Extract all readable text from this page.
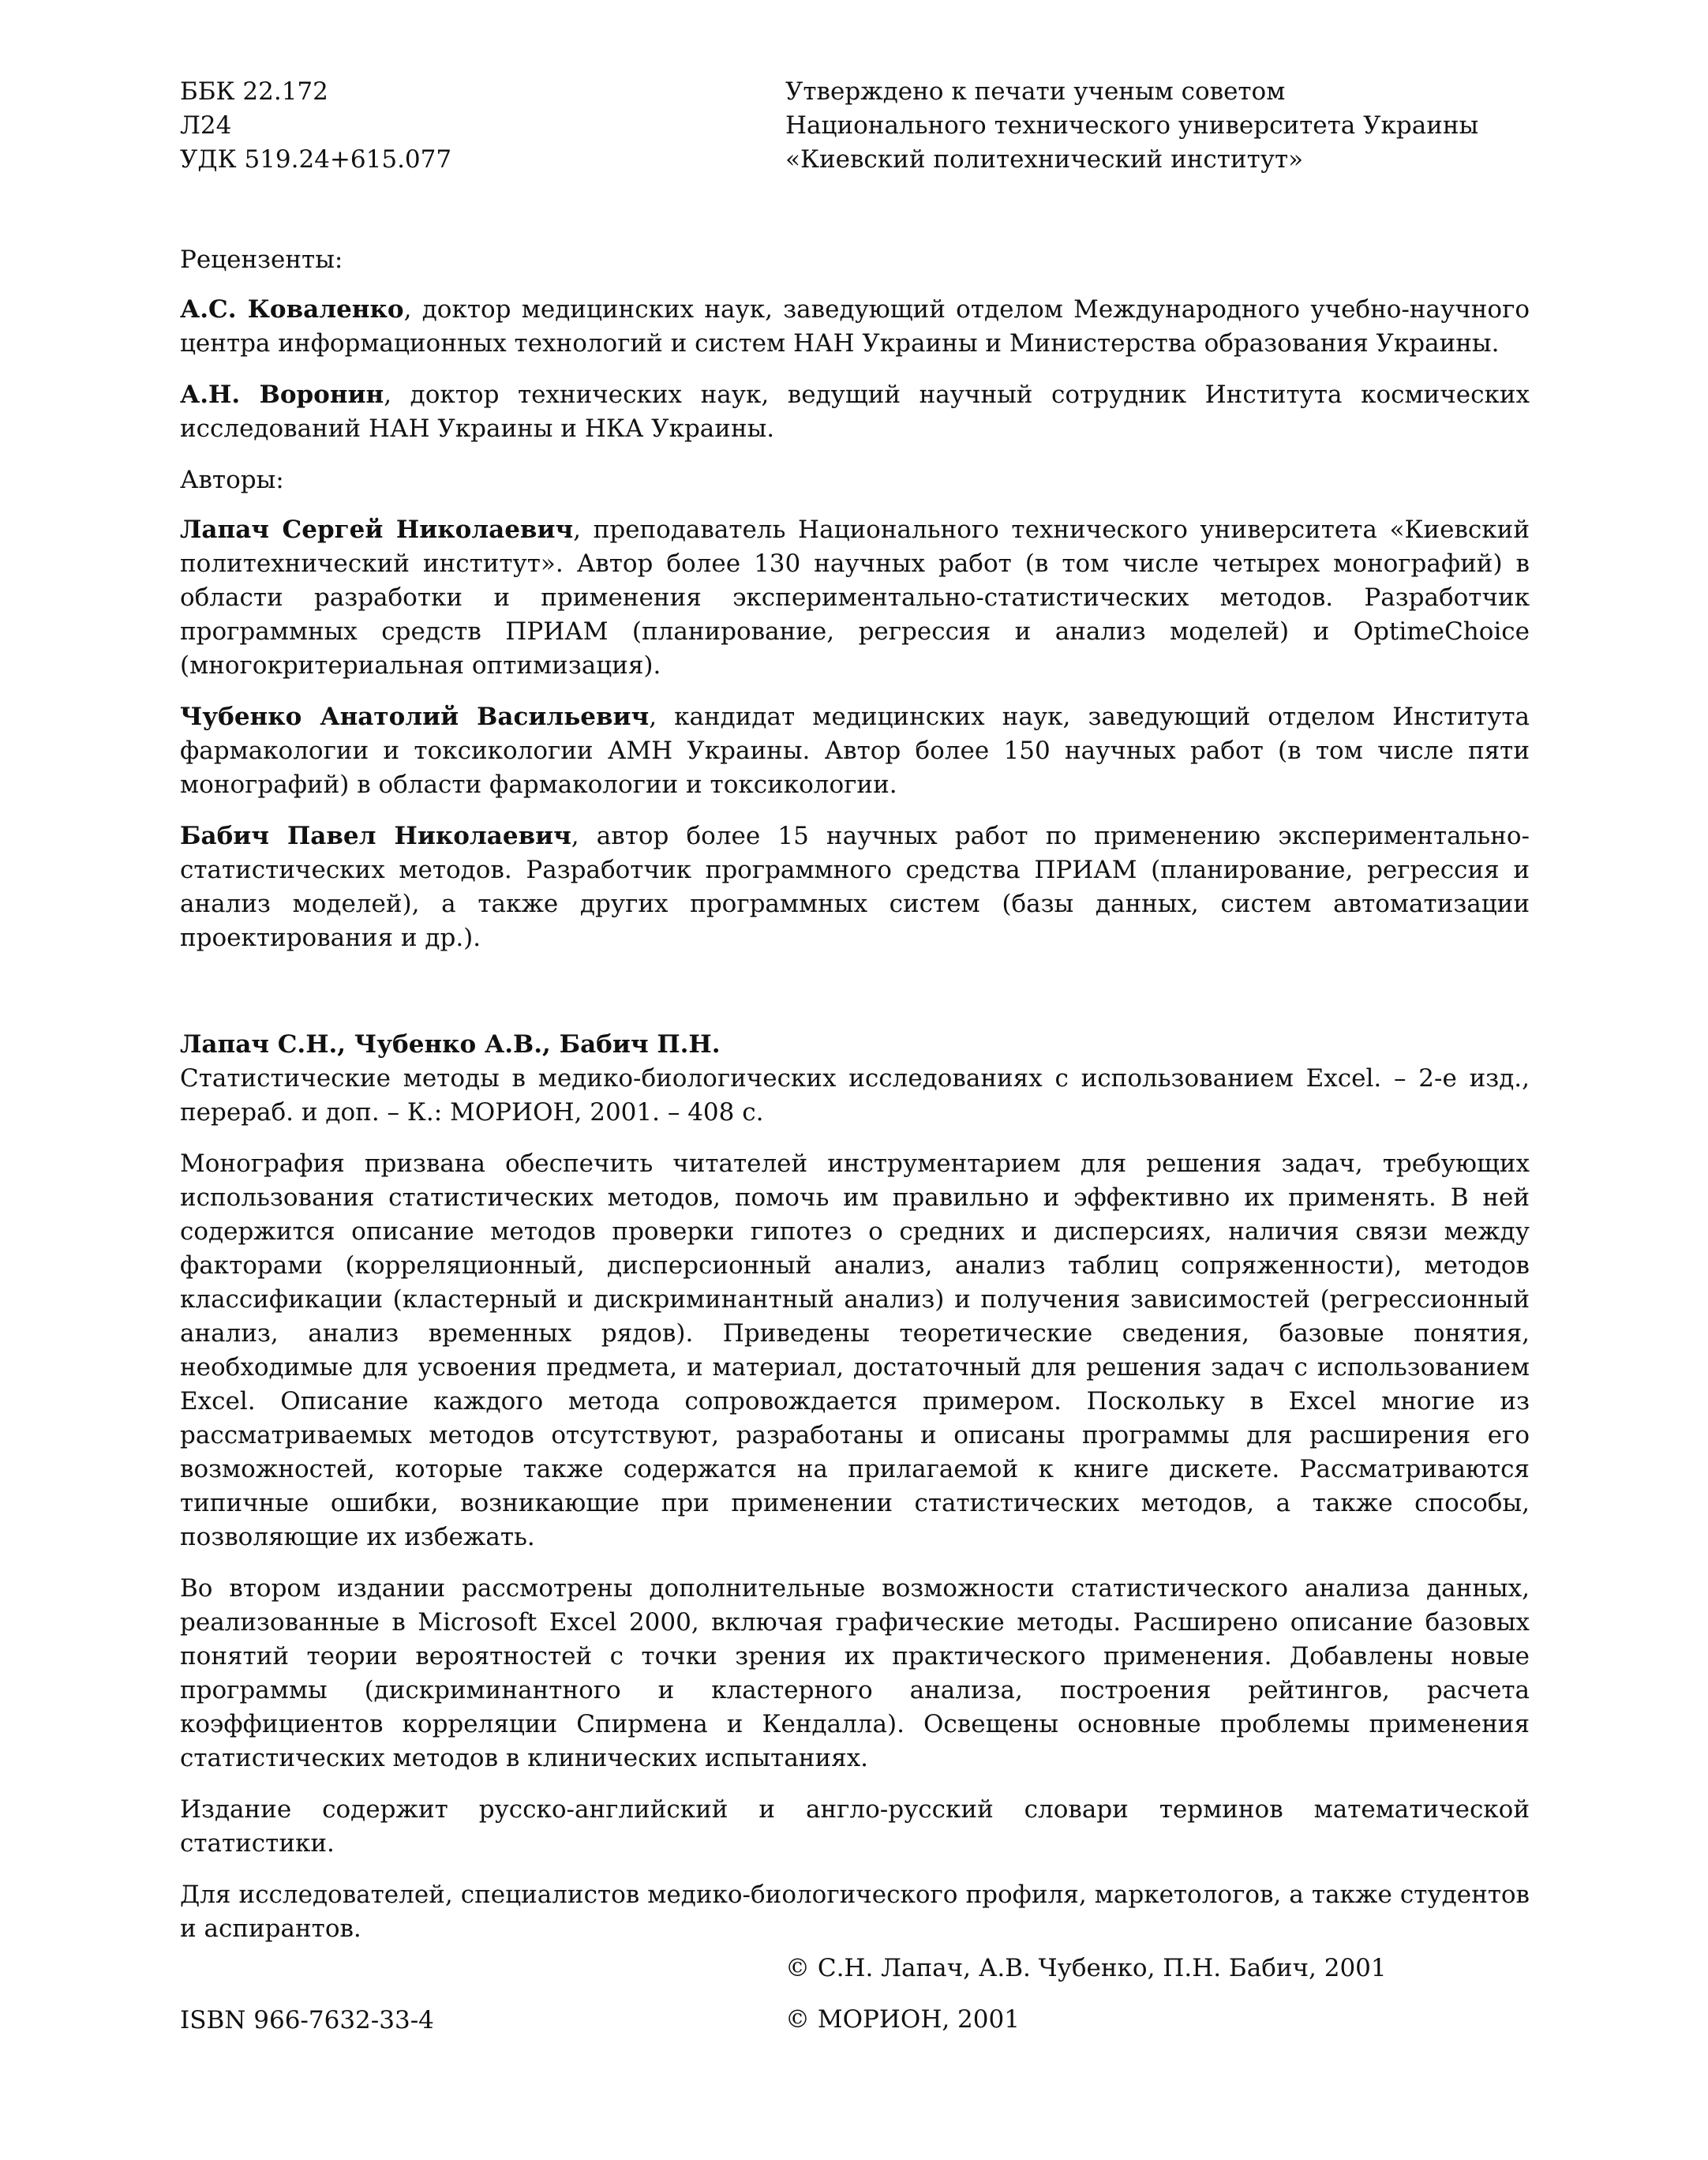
ББК 22.172
Л24
УДК 519.24+615.077
Утверждено к печати ученым советом
Национального технического университета Украины
«Киевский политехнический институт»

Рецензенты:

А.С. Коваленко, доктор медицинских наук, заведующий отделом Международного учебно-научного центра информационных технологий и систем НАН Украины и Министерства образования Украины.

А.Н. Воронин, доктор технических наук, ведущий научный сотрудник Института космических исследований НАН Украины и НКА Украины.

Авторы:

Лапач Сергей Николаевич, преподаватель Национального технического университета «Киевский политехнический институт». Автор более 130 научных работ (в том числе четырех монографий) в области разработки и применения экспериментально-статистических методов. Разработчик программных средств ПРИАМ (планирование, регрессия и анализ моделей) и OptimeChoice (многокритериальная оптимизация).

Чубенко Анатолий Васильевич, кандидат медицинских наук, заведующий отделом Института фармакологии и токсикологии АМН Украины. Автор более 150 научных работ (в том числе пяти монографий) в области фармакологии и токсикологии.

Бабич Павел Николаевич, автор более 15 научных работ по применению экспериментально-статистических методов. Разработчик программного средства ПРИАМ (планирование, регрессия и анализ моделей), а также других программных систем (базы данных, систем автоматизации проектирования и др.).

Лапач С.Н., Чубенко А.В., Бабич П.Н.

Статистические методы в медико-биологических исследованиях с использованием Excel. – 2-е изд., перераб. и доп. – К.: МОРИОН, 2001. – 408 с.

Монография призвана обеспечить читателей инструментарием для решения задач, требующих использования статистических методов, помочь им правильно и эффективно их применять. В ней содержится описание методов проверки гипотез о средних и дисперсиях, наличия связи между факторами (корреляционный, дисперсионный анализ, анализ таблиц сопряженности), методов классификации (кластерный и дискриминантный анализ) и получения зависимостей (регрессионный анализ, анализ временных рядов). Приведены теоретические сведения, базовые понятия, необходимые для усвоения предмета, и материал, достаточный для решения задач с использованием Excel. Описание каждого метода сопровождается примером. Поскольку в Excel многие из рассматриваемых методов отсутствуют, разработаны и описаны программы для расширения его возможностей, которые также содержатся на прилагаемой к книге дискете. Рассматриваются типичные ошибки, возникающие при применении статистических методов, а также способы, позволяющие их избежать.

Во втором издании рассмотрены дополнительные возможности статистического анализа данных, реализованные в Microsoft Excel 2000, включая графические методы. Расширено описание базовых понятий теории вероятностей с точки зрения их практического применения. Добавлены новые программы (дискриминантного и кластерного анализа, построения рейтингов, расчета коэффициентов корреляции Спирмена и Кендалла). Освещены основные проблемы применения статистических методов в клинических испытаниях.

Издание содержит русско-английский и англо-русский словари терминов математической статистики.

Для исследователей, специалистов медико-биологического профиля, маркетологов, а также студентов и аспирантов.

© С.Н. Лапач, А.В. Чубенко, П.Н. Бабич, 2001
© МОРИОН, 2001
ISBN 966-7632-33-4
